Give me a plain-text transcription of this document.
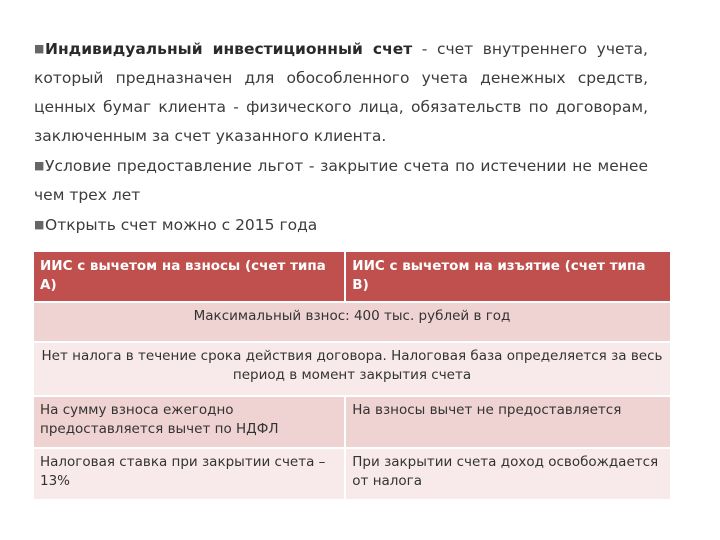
■Индивидуальный инвестиционный счет - счет внутреннего учета, который предназначен для обособленного учета денежных средств, ценных бумаг клиента - физического лица, обязательств по договорам, заключенным за счет указанного клиента.

■Условие предоставление льгот - закрытие счета по истечении не менее чем трех лет

■Открыть счет можно с 2015 года

ИИС с вычетом на взносы (счет типа А)	ИИС с вычетом на изъятие (счет типа В)
Максимальный взнос: 400 тыс. рублей в год	
Нет налога в течение срока действия договора. Налоговая база определяется за весь период в момент закрытия счета	
На сумму взноса ежегодно предоставляется вычет по НДФЛ	На взносы вычет не предоставляется
Налоговая ставка при закрытии счета – 13%	При закрытии счета доход освобождается от налога
